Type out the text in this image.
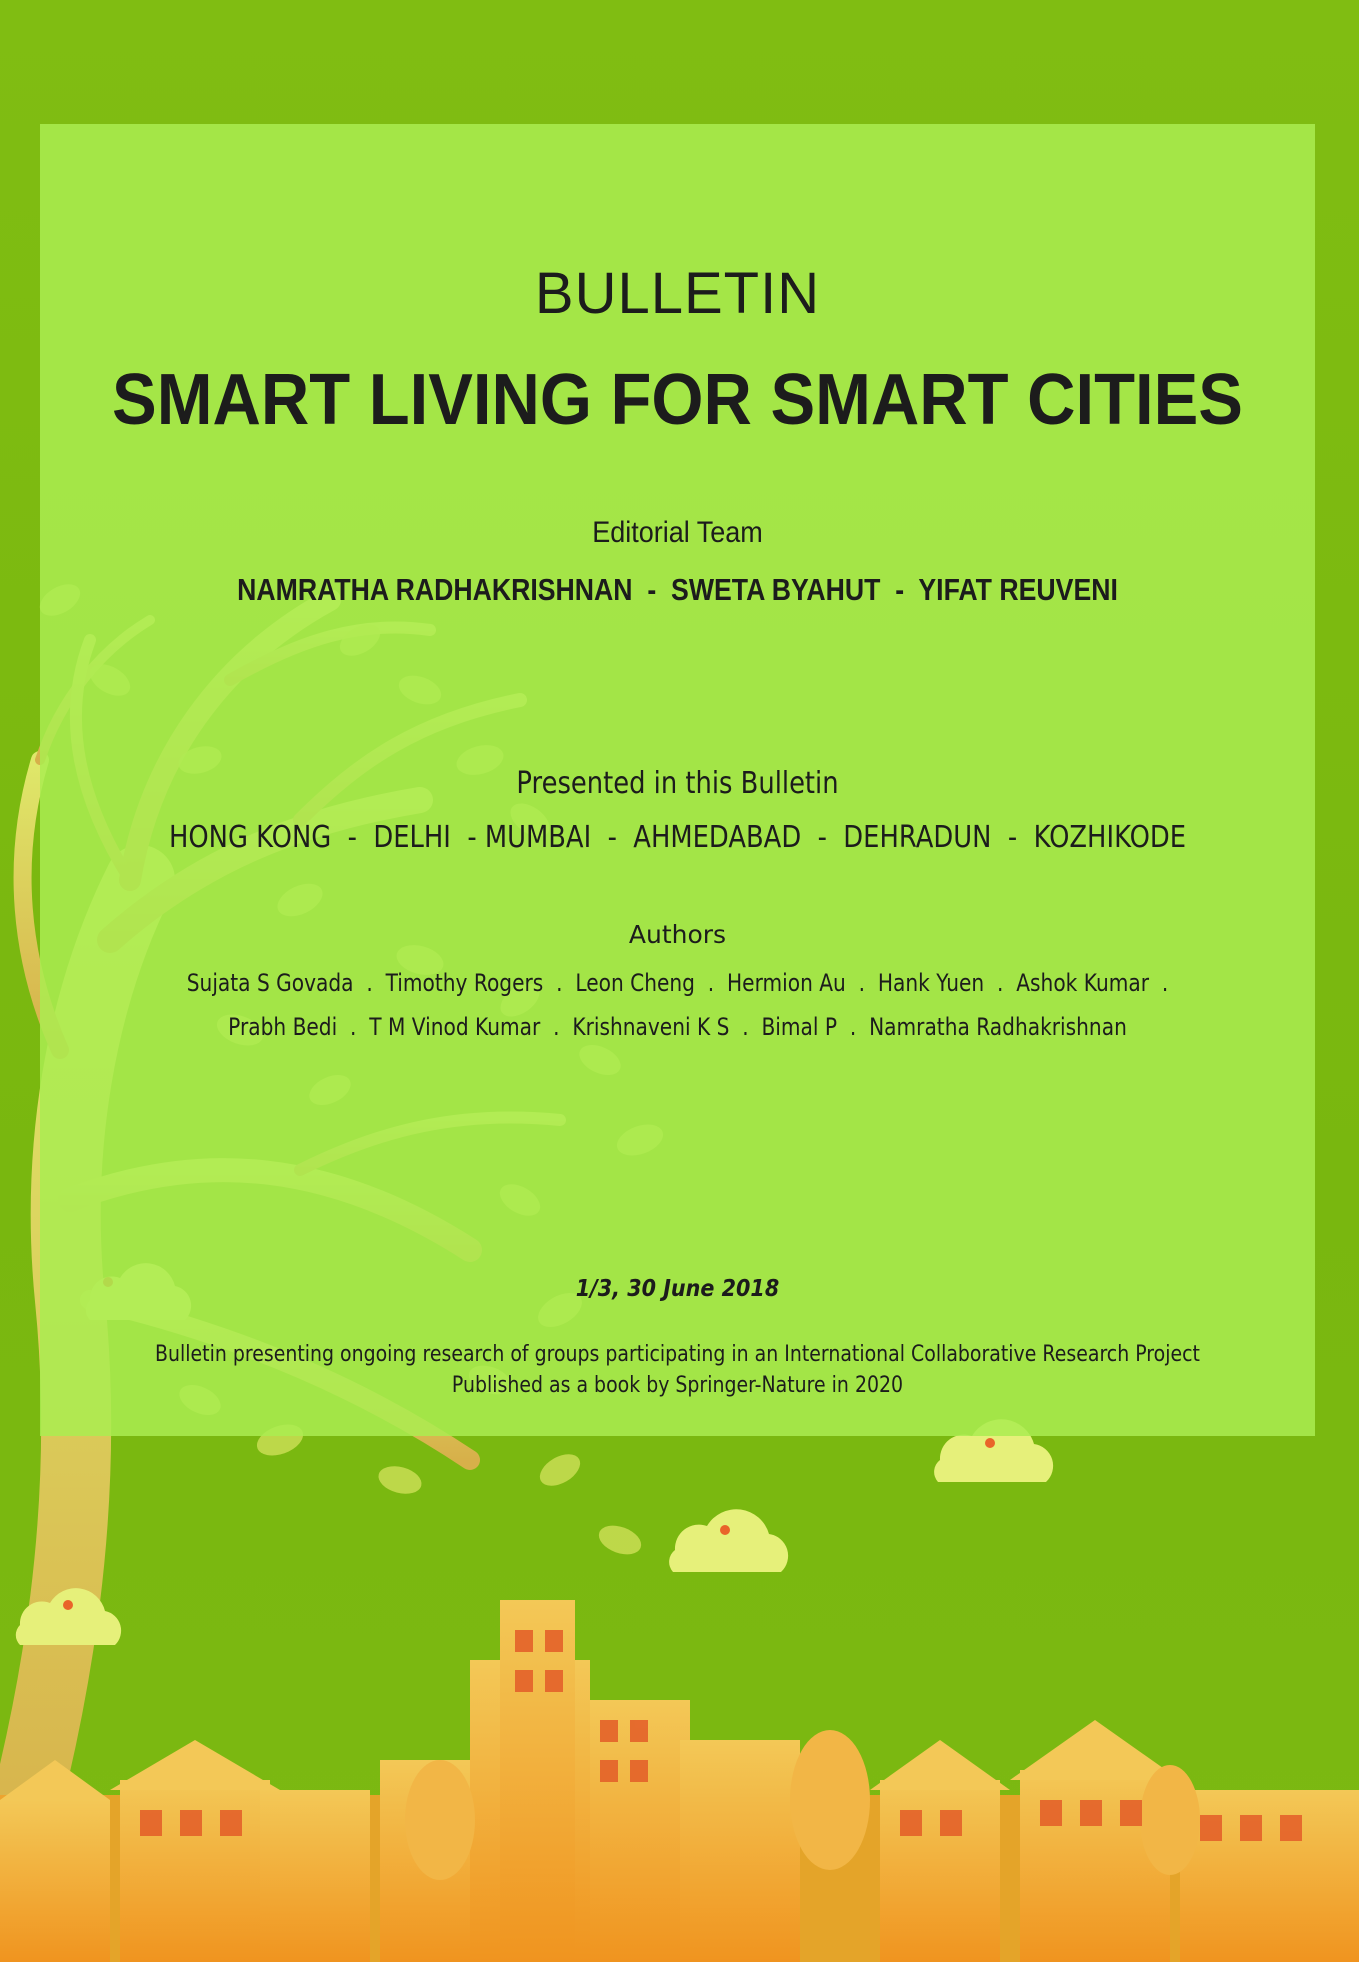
BULLETIN
SMART LIVING FOR SMART CITIES
Editorial Team
NAMRATHA RADHAKRISHNAN  -  SWETA BYAHUT  -  YIFAT REUVENI
Presented in this Bulletin
HONG KONG  -  DELHI  - MUMBAI  -  AHMEDABAD  -  DEHRADUN  -  KOZHIKODE
Authors
Sujata S Govada  .  Timothy Rogers  .  Leon Cheng  .  Hermion Au  .  Hank Yuen  .  Ashok Kumar  .
Prabh Bedi  .  T M Vinod Kumar  .  Krishnaveni K S  .  Bimal P  .  Namratha Radhakrishnan
1/3, 30 June 2018
Bulletin presenting ongoing research of groups participating in an International Collaborative Research Project
Published as a book by Springer-Nature in 2020
